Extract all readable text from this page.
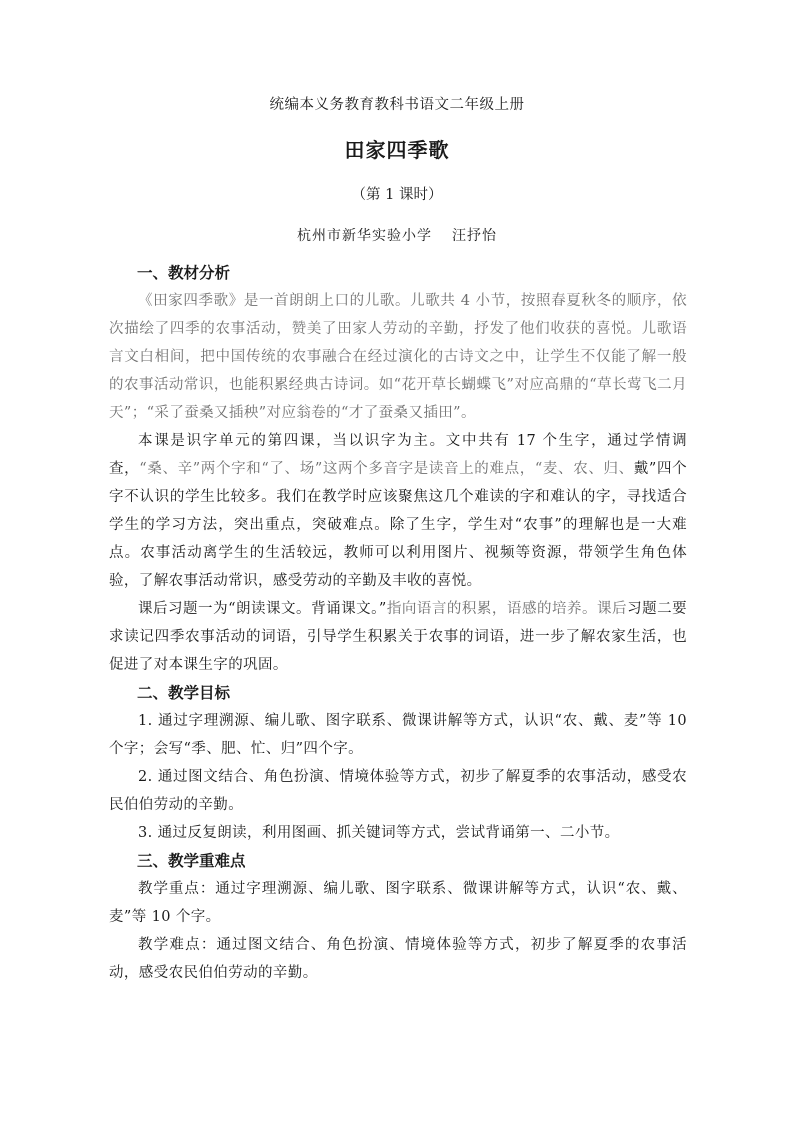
统编本义务教育教科书语文二年级上册
田家四季歌
（第 1 课时）
杭州市新华实验小学 汪抒怡
一、教材分析

《田家四季歌》是一首朗朗上口的儿歌。儿歌共 4 小节，按照春夏秋冬的顺序，依次描绘了四季的农事活动，赞美了田家人劳动的辛勤，抒发了他们收获的喜悦。儿歌语言文白相间，把中国传统的农事融合在经过演化的古诗文之中，让学生不仅能了解一般的农事活动常识，也能积累经典古诗词。如“花开草长蝴蝶飞”对应高鼎的“草长莺飞二月天”；“采了蚕桑又插秧”对应翁卷的“才了蚕桑又插田”。

本课是识字单元的第四课，当以识字为主。文中共有 17 个生字，通过学情调查，“桑、辛”两个字和“了、场”这两个多音字是读音上的难点，“麦、农、归、戴”四个字不认识的学生比较多。我们在教学时应该聚焦这几个难读的字和难认的字，寻找适合学生的学习方法，突出重点，突破难点。除了生字，学生对“农事”的理解也是一大难点。农事活动离学生的生活较远，教师可以利用图片、视频等资源，带领学生角色体验，了解农事活动常识，感受劳动的辛勤及丰收的喜悦。

课后习题一为“朗读课文。背诵课文。”指向语言的积累，语感的培养。课后习题二要求读记四季农事活动的词语，引导学生积累关于农事的词语，进一步了解农家生活，也促进了对本课生字的巩固。

二、教学目标

1. 通过字理溯源、编儿歌、图字联系、微课讲解等方式，认识“农、戴、麦”等 10 个字；会写“季、肥、忙、归”四个字。

2. 通过图文结合、角色扮演、情境体验等方式，初步了解夏季的农事活动，感受农民伯伯劳动的辛勤。

3. 通过反复朗读，利用图画、抓关键词等方式，尝试背诵第一、二小节。

三、教学重难点

教学重点：通过字理溯源、编儿歌、图字联系、微课讲解等方式，认识“农、戴、麦”等 10 个字。

教学难点：通过图文结合、角色扮演、情境体验等方式，初步了解夏季的农事活动，感受农民伯伯劳动的辛勤。
